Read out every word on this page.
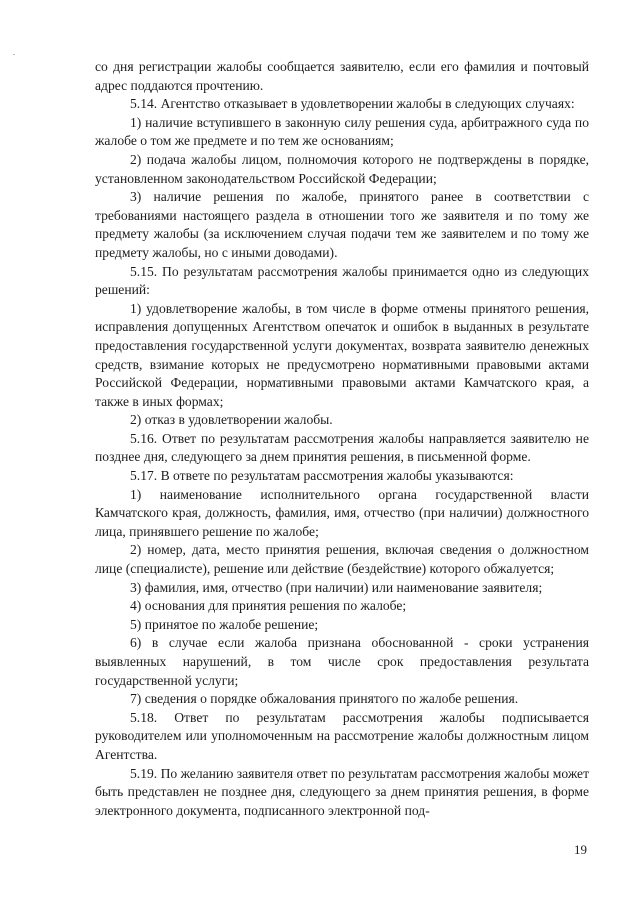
со дня регистрации жалобы сообщается заявителю, если его фамилия и почтовый адрес поддаются прочтению.

5.14. Агентство отказывает в удовлетворении жалобы в следующих случаях:

1) наличие вступившего в законную силу решения суда, арбитражного суда по жалобе о том же предмете и по тем же основаниям;

2) подача жалобы лицом, полномочия которого не подтверждены в порядке, установленном законодательством Российской Федерации;

3) наличие решения по жалобе, принятого ранее в соответствии с требованиями настоящего раздела в отношении того же заявителя и по тому же предмету жалобы (за исключением случая подачи тем же заявителем и по тому же предмету жалобы, но с иными доводами).

5.15. По результатам рассмотрения жалобы принимается одно из следующих решений:

1) удовлетворение жалобы, в том числе в форме отмены принятого решения, исправления допущенных Агентством опечаток и ошибок в выданных в результате предоставления государственной услуги документах, возврата заявителю денежных средств, взимание которых не предусмотрено нормативными правовыми актами Российской Федерации, нормативными правовыми актами Камчатского края, а также в иных формах;

2) отказ в удовлетворении жалобы.

5.16. Ответ по результатам рассмотрения жалобы направляется заявителю не позднее дня, следующего за днем принятия решения, в письменной форме.

5.17. В ответе по результатам рассмотрения жалобы указываются:

1) наименование исполнительного органа государственной власти Камчатского края, должность, фамилия, имя, отчество (при наличии) должностного лица, принявшего решение по жалобе;

2) номер, дата, место принятия решения, включая сведения о должностном лице (специалисте), решение или действие (бездействие) которого обжалуется;

3) фамилия, имя, отчество (при наличии) или наименование заявителя;

4) основания для принятия решения по жалобе;

5) принятое по жалобе решение;

6) в случае если жалоба признана обоснованной - сроки устранения выявленных нарушений, в том числе срок предоставления результата государственной услуги;

7) сведения о порядке обжалования принятого по жалобе решения.

5.18. Ответ по результатам рассмотрения жалобы подписывается руководителем или уполномоченным на рассмотрение жалобы должностным лицом Агентства.

5.19. По желанию заявителя ответ по результатам рассмотрения жалобы может быть представлен не позднее дня, следующего за днем принятия решения, в форме электронного документа, подписанного электронной под-

19
